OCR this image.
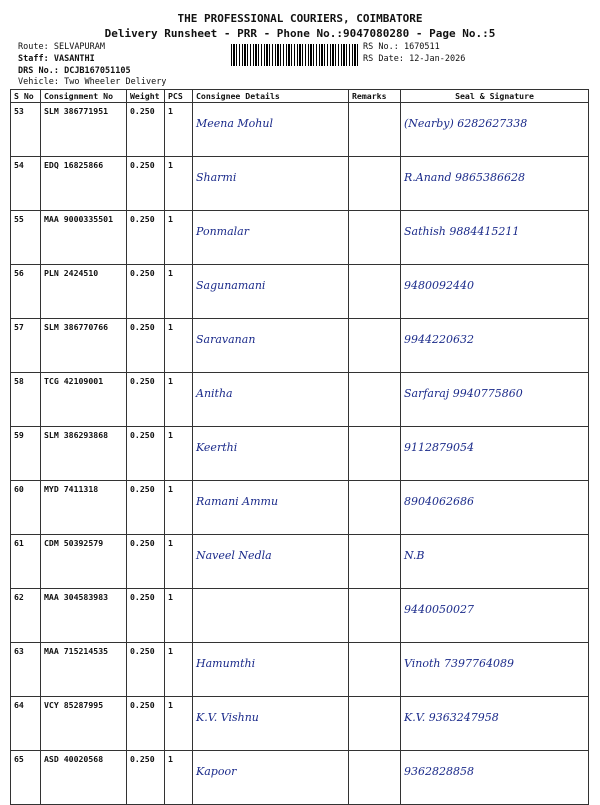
THE PROFESSIONAL COURIERS, COIMBATORE
Delivery Runsheet - PRR - Phone No.:9047080280 - Page No.:5
Route: SELVAPURAM
Staff: VASANTHI
DRS No.: DCJB167051105
Vehicle: Two Wheeler Delivery
RS No.: 1670511
RS Date: 12-Jan-2026
S No	Consignment No	Weight	PCS	Consignee Details	Remarks	Seal & Signature
53	SLM 386771951	0.250	1	Meena Mohul		(Nearby) 6282627338
54	EDQ 16825866	0.250	1	Sharmi		R.Anand 9865386628
55	MAA 9000335501	0.250	1	Ponmalar		Sathish 9884415211
56	PLN 2424510	0.250	1	Sagunamani		9480092440
57	SLM 386770766	0.250	1	Saravanan		9944220632
58	TCG 42109001	0.250	1	Anitha		Sarfaraj 9940775860
59	SLM 386293868	0.250	1	Keerthi		9112879054
60	MYD 7411318	0.250	1	Ramani Ammu		8904062686
61	CDM 50392579	0.250	1	Naveel Nedla		N.B
62	MAA 304583983	0.250	1			9440050027
63	MAA 715214535	0.250	1	Hamumthi		Vinoth 7397764089
64	VCY 85287995	0.250	1	K.V. Vishnu		K.V. 9363247958
65	ASD 40020568	0.250	1	Kapoor		9362828858
